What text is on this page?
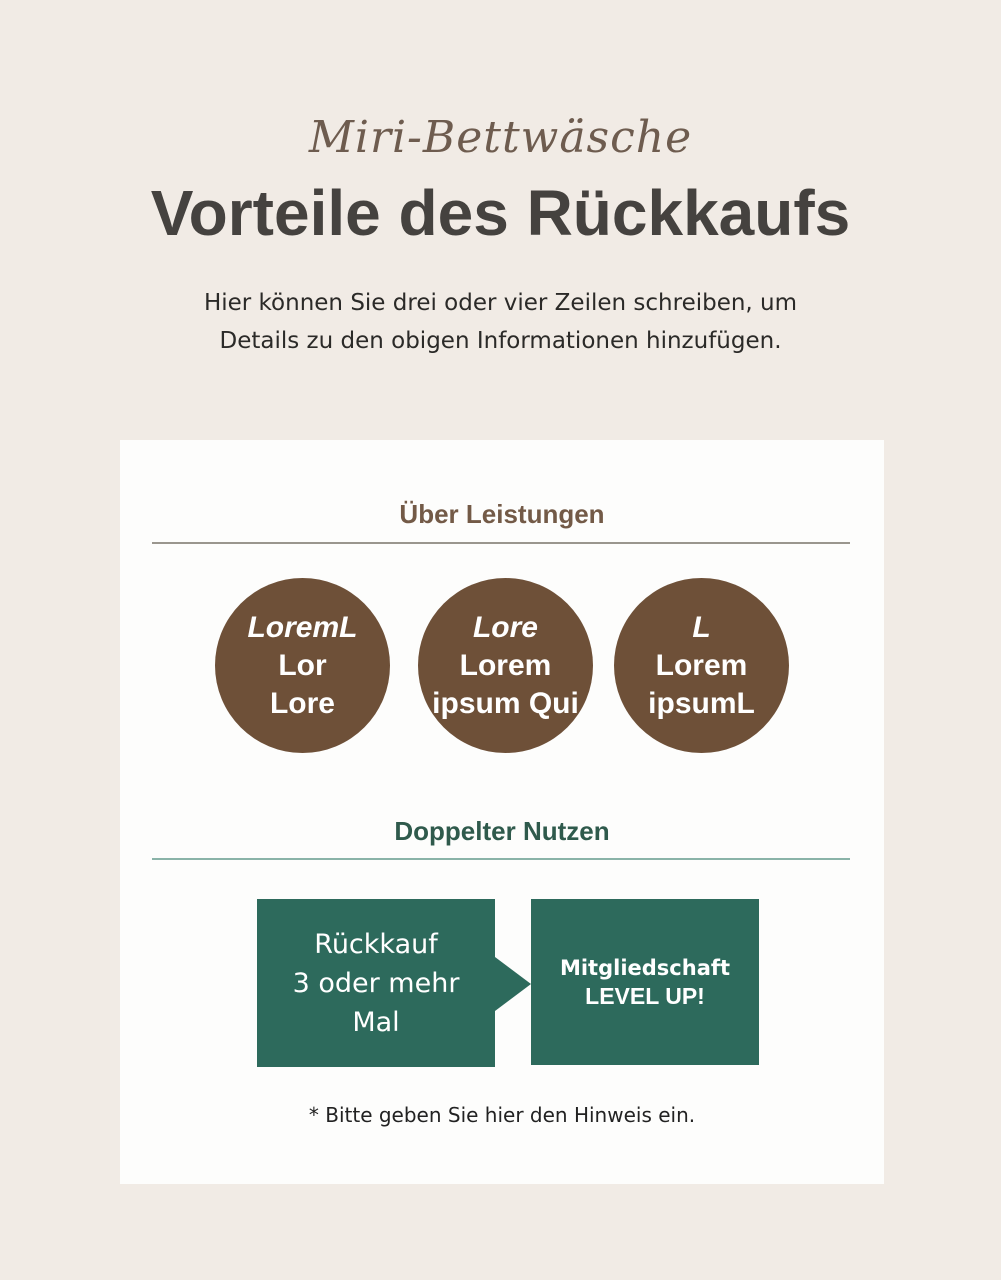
Miri-Bettwäsche
Vorteile des Rückkaufs
Hier können Sie drei oder vier Zeilen schreiben, um
Details zu den obigen Informationen hinzufügen.
Über Leistungen
LoremL
Lor
Lore
Lore
Lorem
ipsum Qui
L
Lorem
ipsumL
Doppelter Nutzen
Rückkauf
3 oder mehr
Mal
Mitgliedschaft
LEVEL UP!
* Bitte geben Sie hier den Hinweis ein.
